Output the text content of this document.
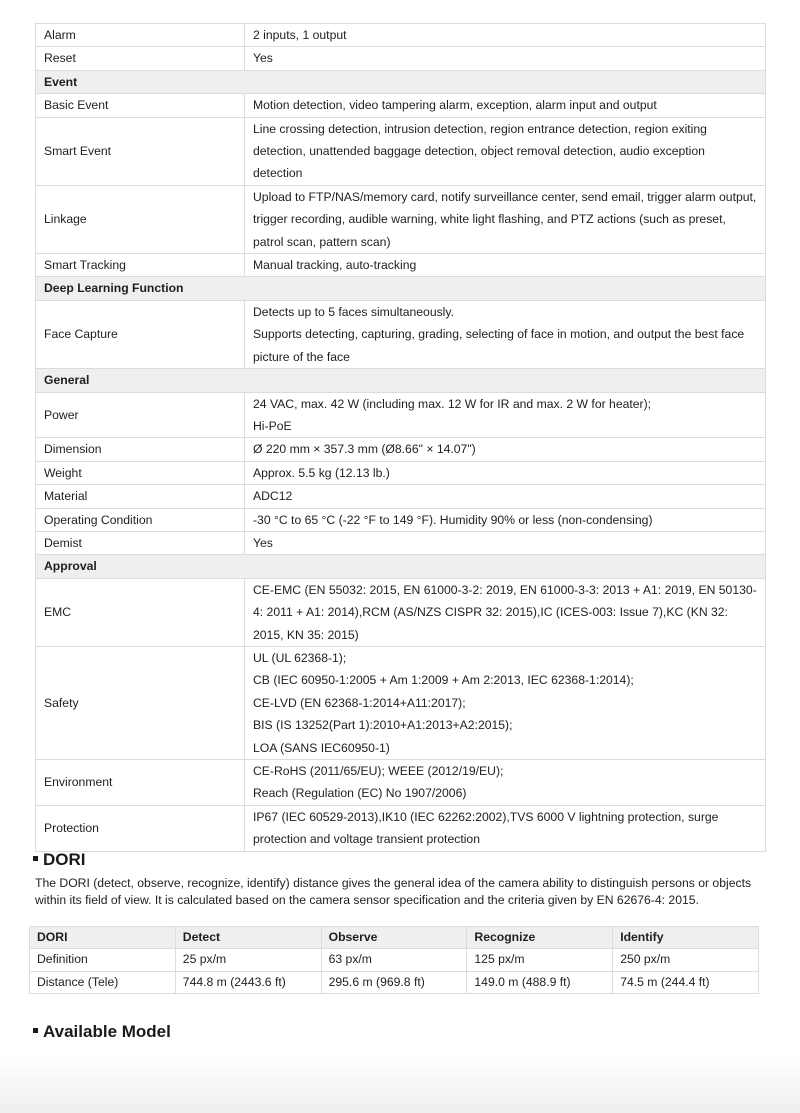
Alarm	2 inputs, 1 output

Reset	Yes

Event	
Basic Event	Motion detection, video tampering alarm, exception, alarm input and output

Smart Event	Line crossing detection, intrusion detection, region entrance detection, region exiting detection, unattended baggage detection, object removal detection, audio exception detection

Linkage	Upload to FTP/NAS/memory card, notify surveillance center, send email, trigger alarm output, trigger recording, audible warning, white light flashing, and PTZ actions (such as preset, patrol scan, pattern scan)

Smart Tracking	Manual tracking, auto-tracking

Deep Learning Function	
Face Capture	Detects up to 5 faces simultaneously.
Supports detecting, capturing, grading, selecting of face in motion, and output the best face picture of the face

General	
Power	24 VAC, max. 42 W (including max. 12 W for IR and max. 2 W for heater);
Hi-PoE

Dimension	Ø 220 mm × 357.3 mm (Ø8.66" × 14.07")

Weight	Approx. 5.5 kg (12.13 lb.)

Material	ADC12

Operating Condition	-30 °C to 65 °C (-22 °F to 149 °F). Humidity 90% or less (non-condensing)

Demist	Yes

Approval	
EMC	CE-EMC (EN 55032: 2015, EN 61000-3-2: 2019, EN 61000-3-3: 2013 + A1: 2019, EN 50130-4: 2011 + A1: 2014),RCM (AS/NZS CISPR 32: 2015),IC (ICES-003: Issue 7),KC (KN 32: 2015, KN 35: 2015)

Safety	UL (UL 62368-1);
CB (IEC 60950-1:2005 + Am 1:2009 + Am 2:2013, IEC 62368-1:2014);
CE-LVD (EN 62368-1:2014+A11:2017);
BIS (IS 13252(Part 1):2010+A1:2013+A2:2015);
LOA (SANS IEC60950-1)

Environment	CE-RoHS (2011/65/EU); WEEE (2012/19/EU);
Reach (Regulation (EC) No 1907/2006)

Protection	IP67 (IEC 60529-2013),IK10 (IEC 62262:2002),TVS 6000 V lightning protection, surge protection and voltage transient protection
DORI
The DORI (detect, observe, recognize, identify) distance gives the general idea of the camera ability to distinguish persons or objects within its field of view. It is calculated based on the camera sensor specification and the criteria given by EN 62676-4: 2015.
DORI	Detect	Observe	Recognize	Identify
Definition	25 px/m	63 px/m	125 px/m	250 px/m
Distance (Tele)	744.8 m (2443.6 ft)	295.6 m (969.8 ft)	149.0 m (488.9 ft)	74.5 m (244.4 ft)
Available Model
